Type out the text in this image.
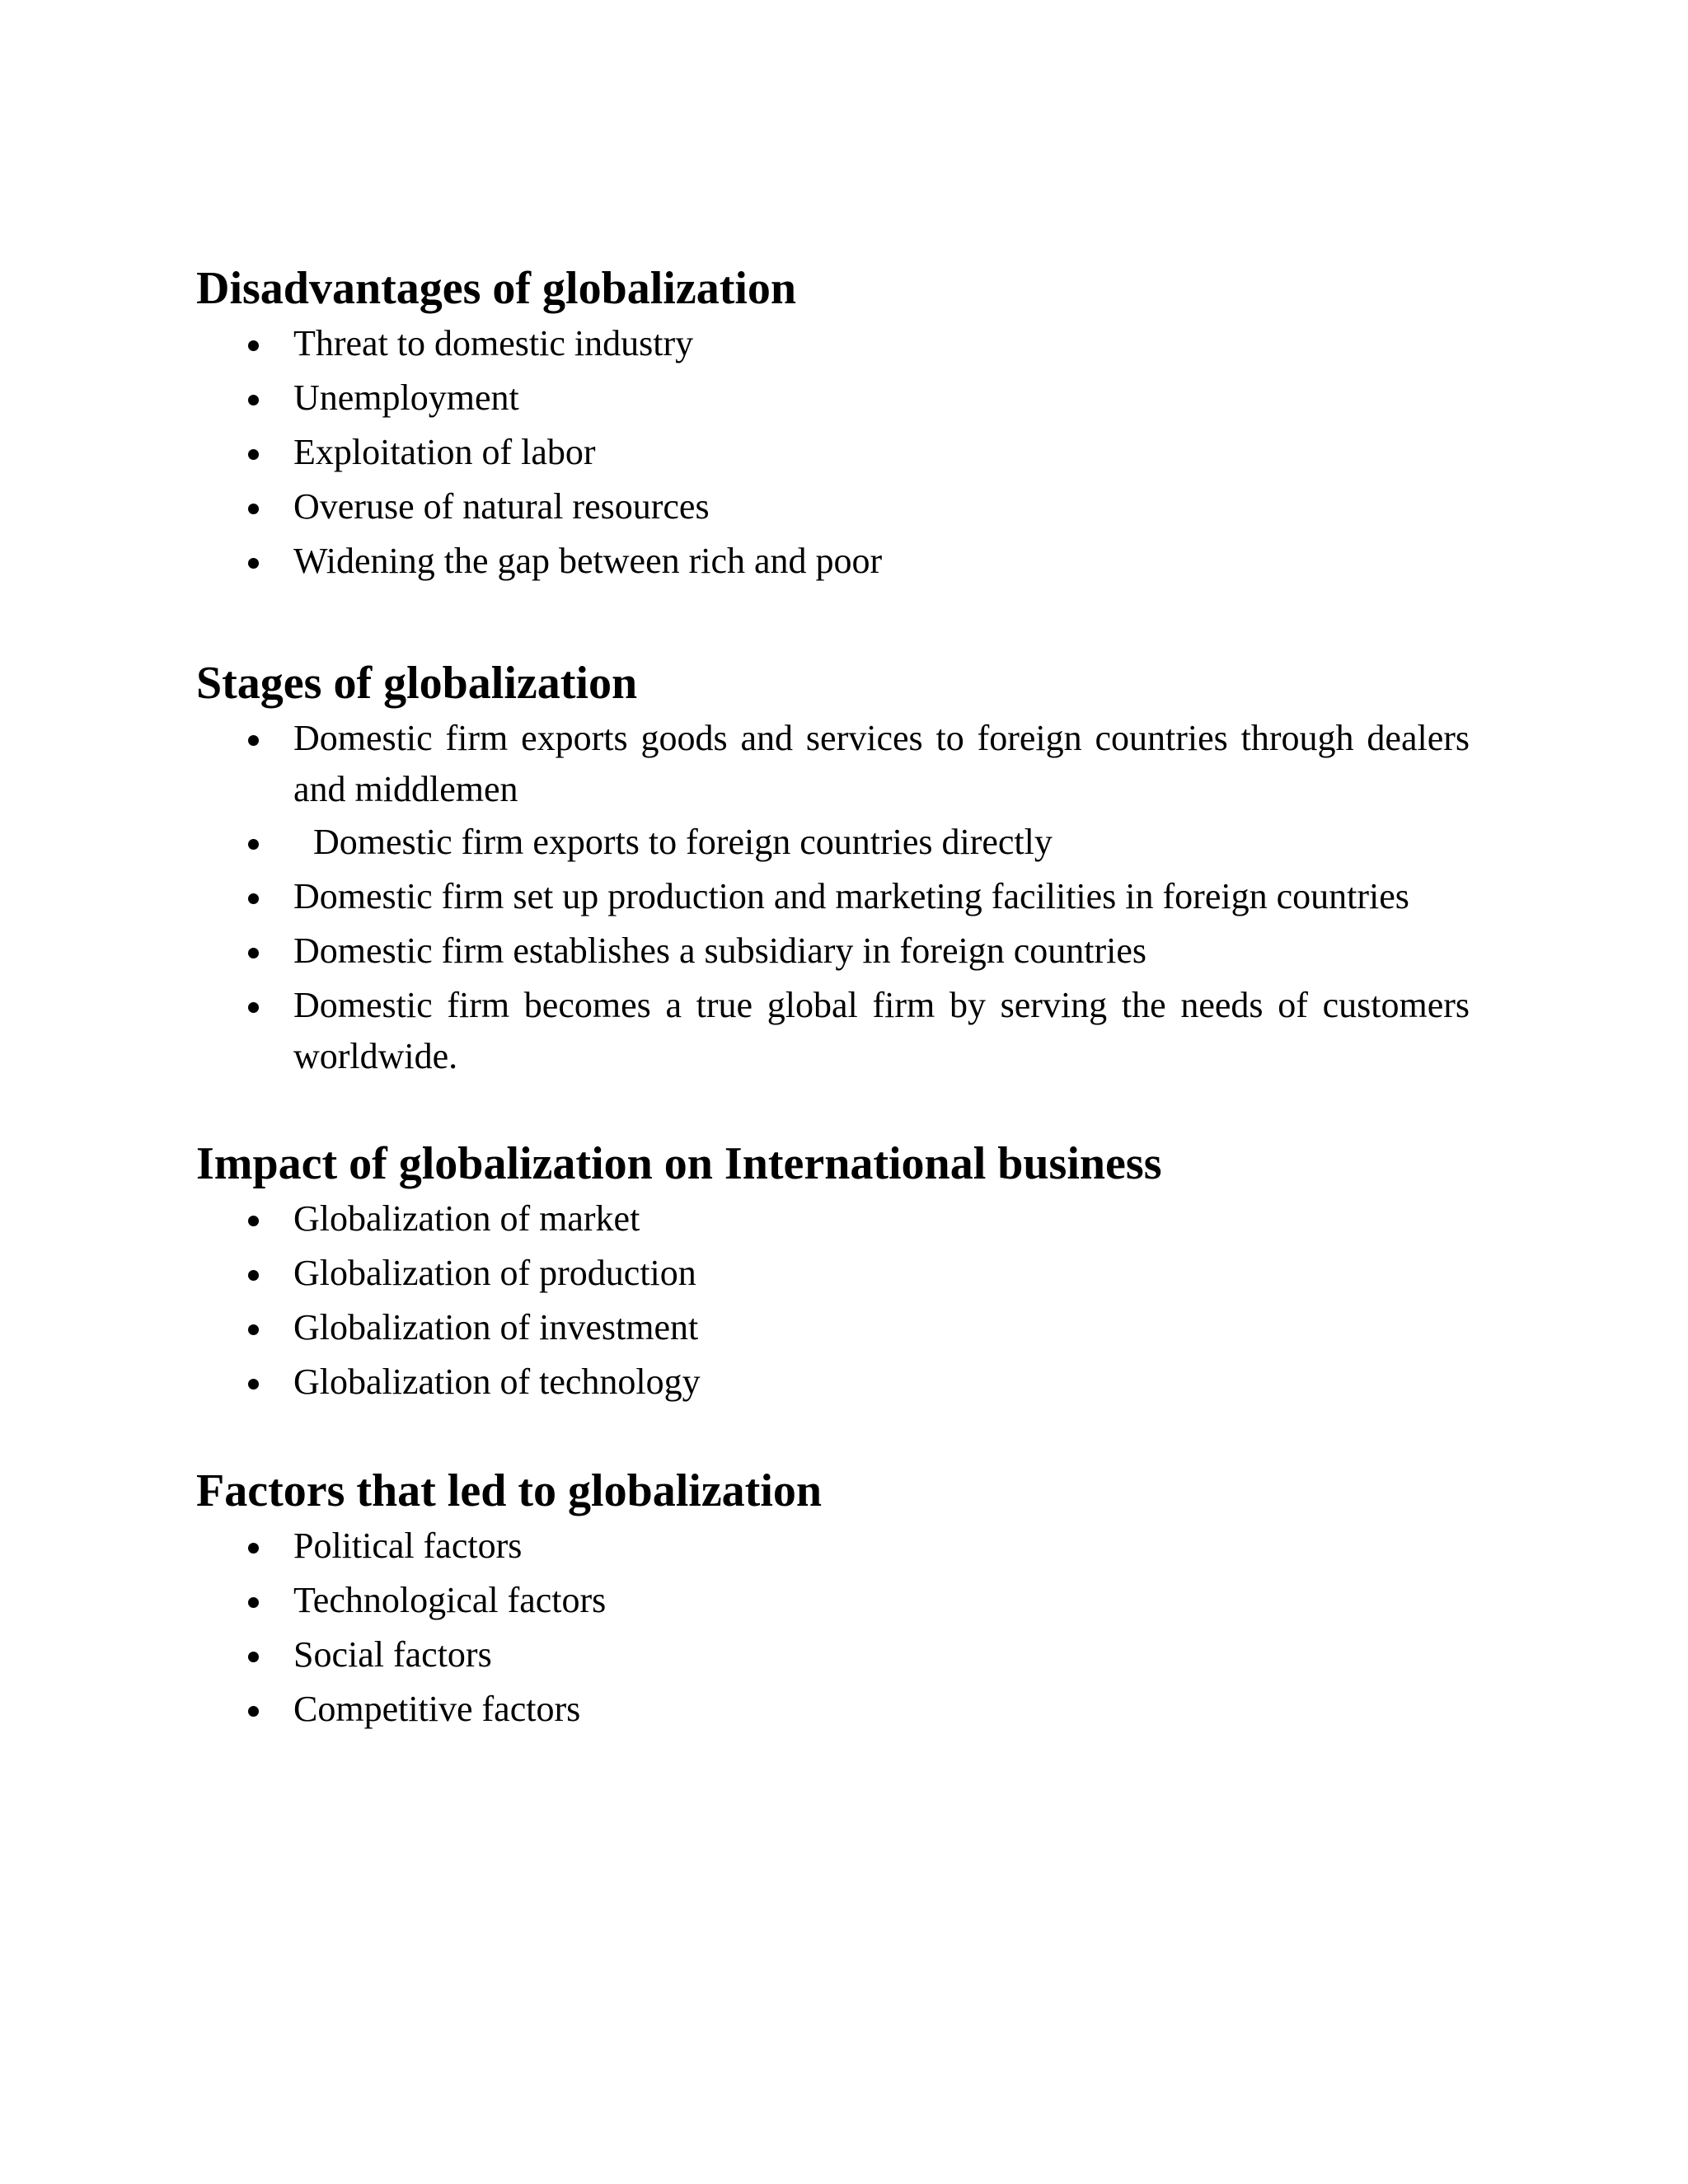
Disadvantages of globalization
Threat to domestic industry
Unemployment
Exploitation of labor
Overuse of natural resources
Widening the gap between rich and poor
Stages of globalization
Domestic firm exports goods and services to foreign countries through dealers and middlemen
Domestic firm exports to foreign countries directly
Domestic firm set up production and marketing facilities in foreign countries
Domestic firm establishes a subsidiary in foreign countries
Domestic firm becomes a true global firm by serving the needs of customers worldwide.
Impact of globalization on International business
Globalization of market
Globalization of production
Globalization of investment
Globalization of technology
Factors that led to globalization
Political factors
Technological factors
Social factors
Competitive factors
